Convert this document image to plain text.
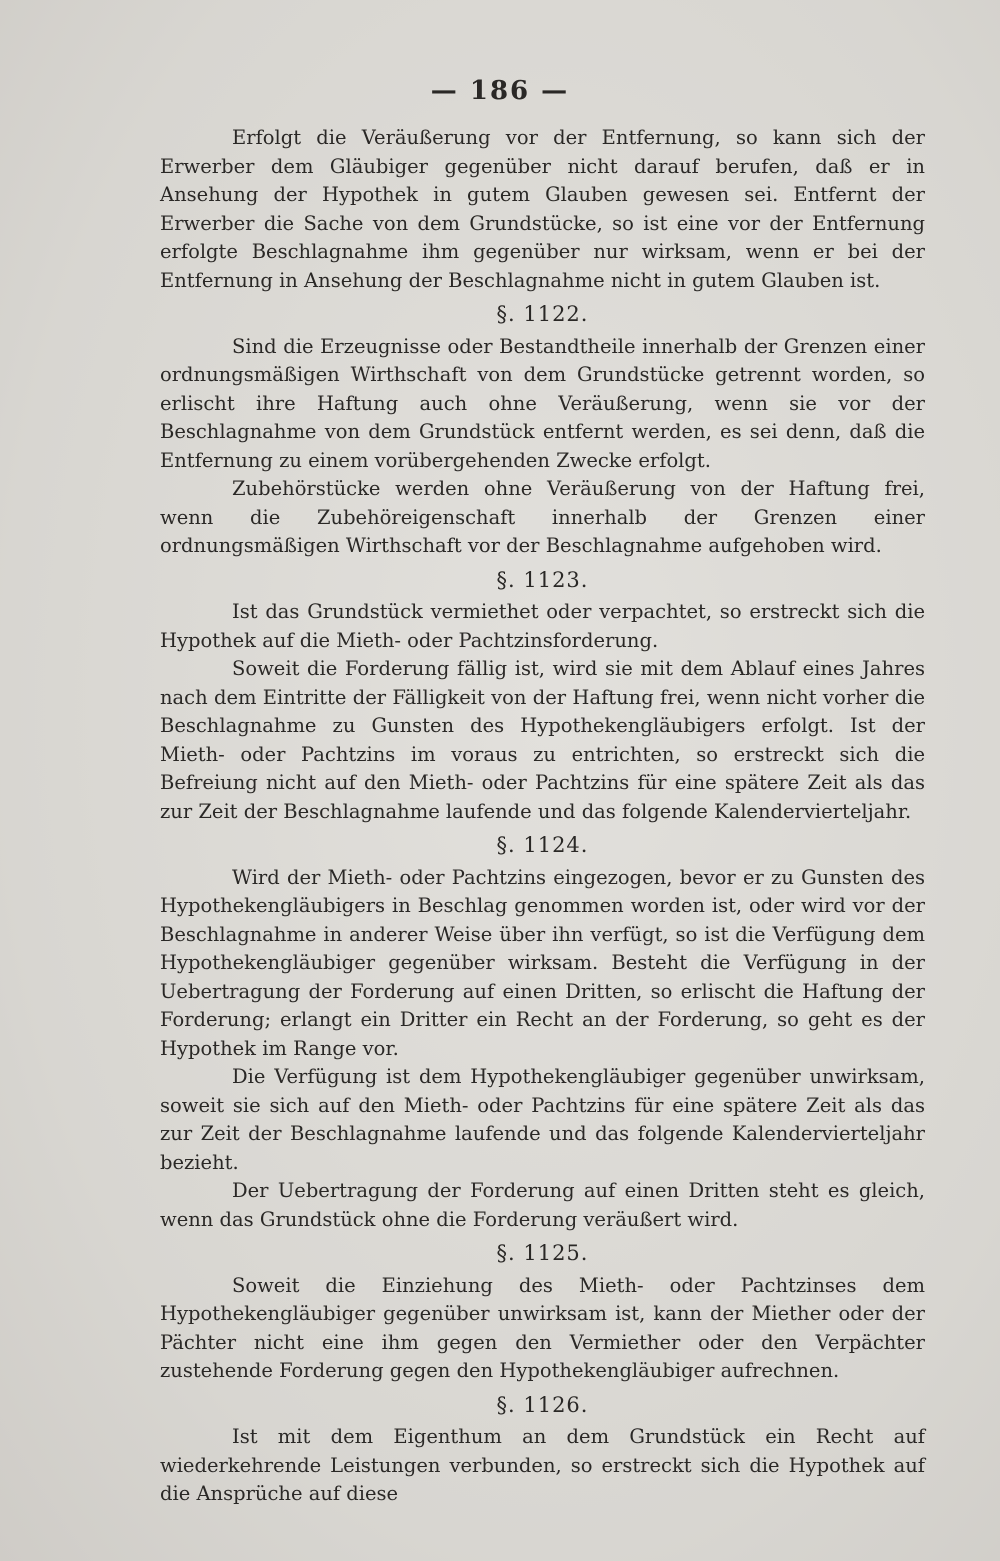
— 186 —

Erfolgt die Veräußerung vor der Entfernung, so kann sich der Erwerber dem Gläubiger gegenüber nicht darauf berufen, daß er in Ansehung der Hypothek in gutem Glauben gewesen sei. Entfernt der Erwerber die Sache von dem Grundstücke, so ist eine vor der Entfernung erfolgte Beschlagnahme ihm gegenüber nur wirksam, wenn er bei der Entfernung in Ansehung der Beschlagnahme nicht in gutem Glauben ist.

§. 1122.

Sind die Erzeugnisse oder Bestandtheile innerhalb der Grenzen einer ordnungsmäßigen Wirthschaft von dem Grundstücke getrennt worden, so erlischt ihre Haftung auch ohne Veräußerung, wenn sie vor der Beschlagnahme von dem Grundstück entfernt werden, es sei denn, daß die Entfernung zu einem vorübergehenden Zwecke erfolgt.

Zubehörstücke werden ohne Veräußerung von der Haftung frei, wenn die Zubehöreigenschaft innerhalb der Grenzen einer ordnungsmäßigen Wirthschaft vor der Beschlagnahme aufgehoben wird.

§. 1123.

Ist das Grundstück vermiethet oder verpachtet, so erstreckt sich die Hypothek auf die Mieth- oder Pachtzinsforderung.

Soweit die Forderung fällig ist, wird sie mit dem Ablauf eines Jahres nach dem Eintritte der Fälligkeit von der Haftung frei, wenn nicht vorher die Beschlagnahme zu Gunsten des Hypothekengläubigers erfolgt. Ist der Mieth- oder Pachtzins im voraus zu entrichten, so erstreckt sich die Befreiung nicht auf den Mieth- oder Pachtzins für eine spätere Zeit als das zur Zeit der Beschlagnahme laufende und das folgende Kalendervierteljahr.

§. 1124.

Wird der Mieth- oder Pachtzins eingezogen, bevor er zu Gunsten des Hypothekengläubigers in Beschlag genommen worden ist, oder wird vor der Beschlagnahme in anderer Weise über ihn verfügt, so ist die Verfügung dem Hypothekengläubiger gegenüber wirksam. Besteht die Verfügung in der Uebertragung der Forderung auf einen Dritten, so erlischt die Haftung der Forderung; erlangt ein Dritter ein Recht an der Forderung, so geht es der Hypothek im Range vor.

Die Verfügung ist dem Hypothekengläubiger gegenüber unwirksam, soweit sie sich auf den Mieth- oder Pachtzins für eine spätere Zeit als das zur Zeit der Beschlagnahme laufende und das folgende Kalendervierteljahr bezieht.

Der Uebertragung der Forderung auf einen Dritten steht es gleich, wenn das Grundstück ohne die Forderung veräußert wird.

§. 1125.

Soweit die Einziehung des Mieth- oder Pachtzinses dem Hypothekengläubiger gegenüber unwirksam ist, kann der Miether oder der Pächter nicht eine ihm gegen den Vermiether oder den Verpächter zustehende Forderung gegen den Hypothekengläubiger aufrechnen.

§. 1126.

Ist mit dem Eigenthum an dem Grundstück ein Recht auf wiederkehrende Leistungen verbunden, so erstreckt sich die Hypothek auf die Ansprüche auf diese
